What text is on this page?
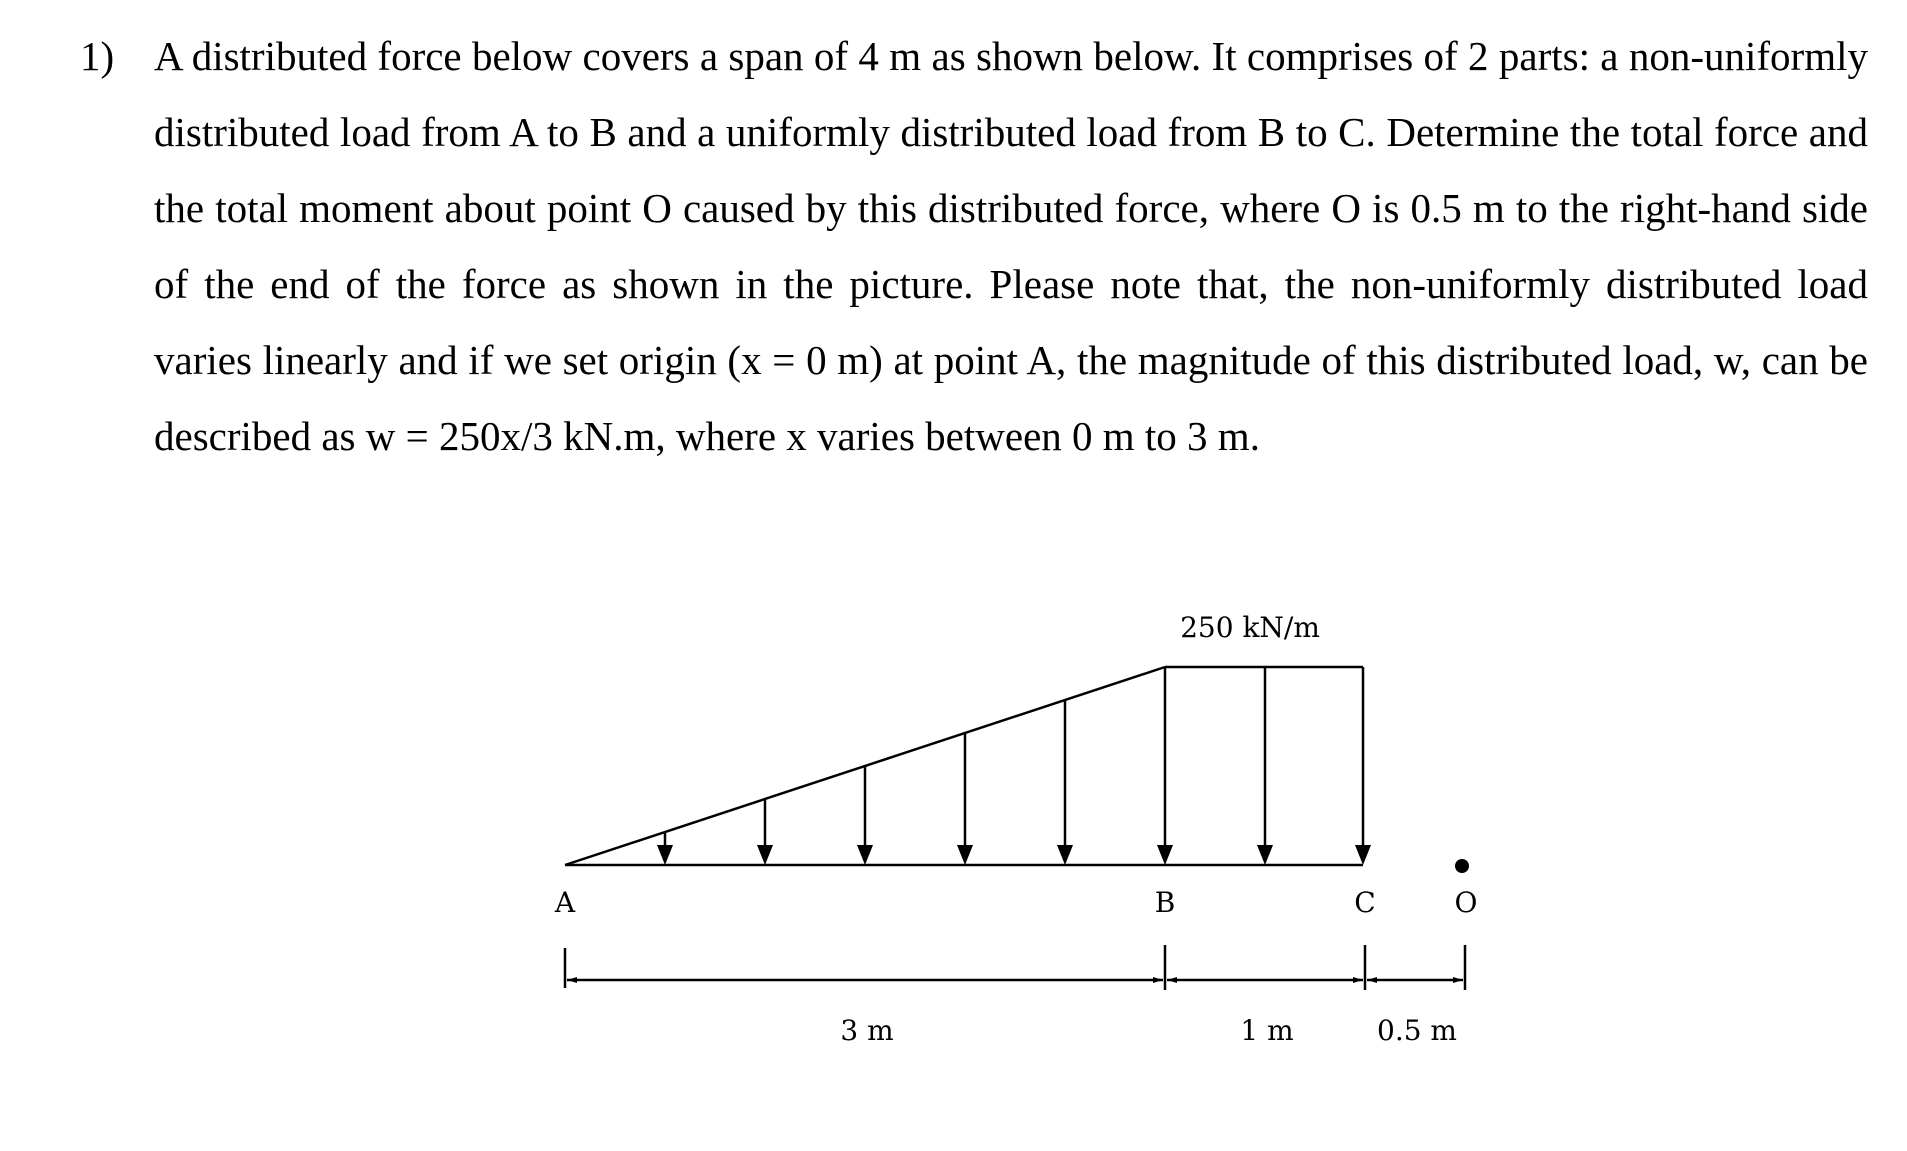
1) A distributed force below covers a span of 4 m as shown below. It comprises of 2 parts: a non-uniformly distributed load from A to B and a uniformly distributed load from B to C. Determine the total force and the total moment about point O caused by this distributed force, where O is 0.5 m to the right-hand side of the end of the force as shown in the picture. Please note that, the non-uniformly distributed load varies linearly and if we set origin (x = 0 m) at point A, the magnitude of this distributed load, w, can be described as w = 250x/3 kN.m, where x varies between 0 m to 3 m.
250 kN/m
A	B	C	O
3 m	1 m	0.5 m
